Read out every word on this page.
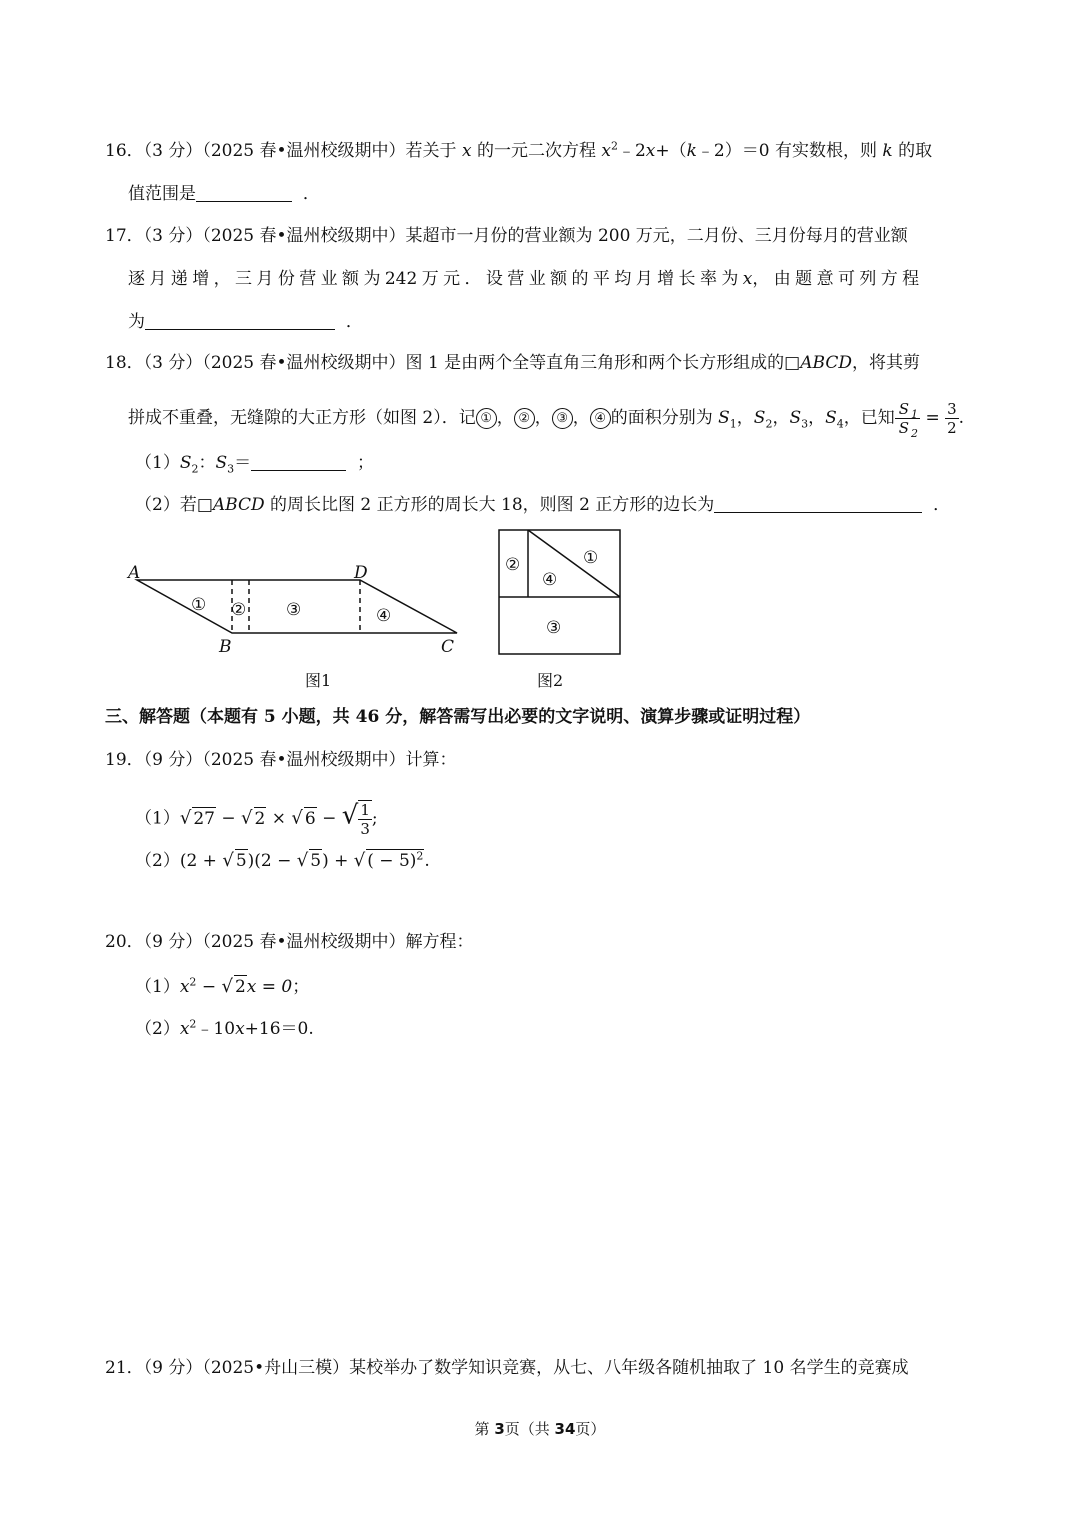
16．（3 分）（2025 春•温州校级期中）若关于 x 的一元二次方程 $x^2﹣2x+(k﹣2)=0$ 有实数根，则 k 的取
值范围是	．
17．（3 分）（2025 春•温州校级期中）某超市一月份的营业额为 200 万元，二月份、三月份每月的营业额
逐 月 递 增 ， 三 月 份 营 业 额 为 242 万 元 ． 设 营 业 额 的 平 均 月 增 长 率 为 x， 由 题 意 可 列 方 程
为	．
18．（3 分）（2025 春•温州校级期中）图 1 是由两个全等直角三角形和两个长方形组成的□ABCD，将其剪
拼成不重叠，无缝隙的大正方形（如图 2）．记 ① ， ② ， ③ ， ④ 的面积分别为 $S_1$，$S_2$，$S_3$，$S_4$，已知 $\frac{S _1}{S _2} = \frac{3}{2}$ .
$(1)S_2$：$S_3=$	；
（2）若□ABCD 的周长比图 2 正方形的周长大 18，则图 2 正方形的边长为	．
A
B	C
D
① ② ③	④
图1
②	①
④
③
图2
三、解答题（本题有 5 小题，共 46 分，解答需写出必要的文字说明、演算步骤或证明过程）
19．（9 分）（2025 春•温州校级期中）计算：
（1）√ 27 − √ 2 × √ 6 − √ $\frac{1}{3}$ ;
（2）(2 + √ 5)(2 − √ 5) + √ ( − 5)$^2$.
20．（9 分）（2025 春•温州校级期中）解方程：
$(1)x^2$ − √ 2x = 0；
$(2)x^2﹣10x+16=0$.
21．（9 分）（2025•舟山三模）某校举办了数学知识竞赛，从七、八年级各随机抽取了 10 名学生的竞赛成
第 3页（共 34页）
